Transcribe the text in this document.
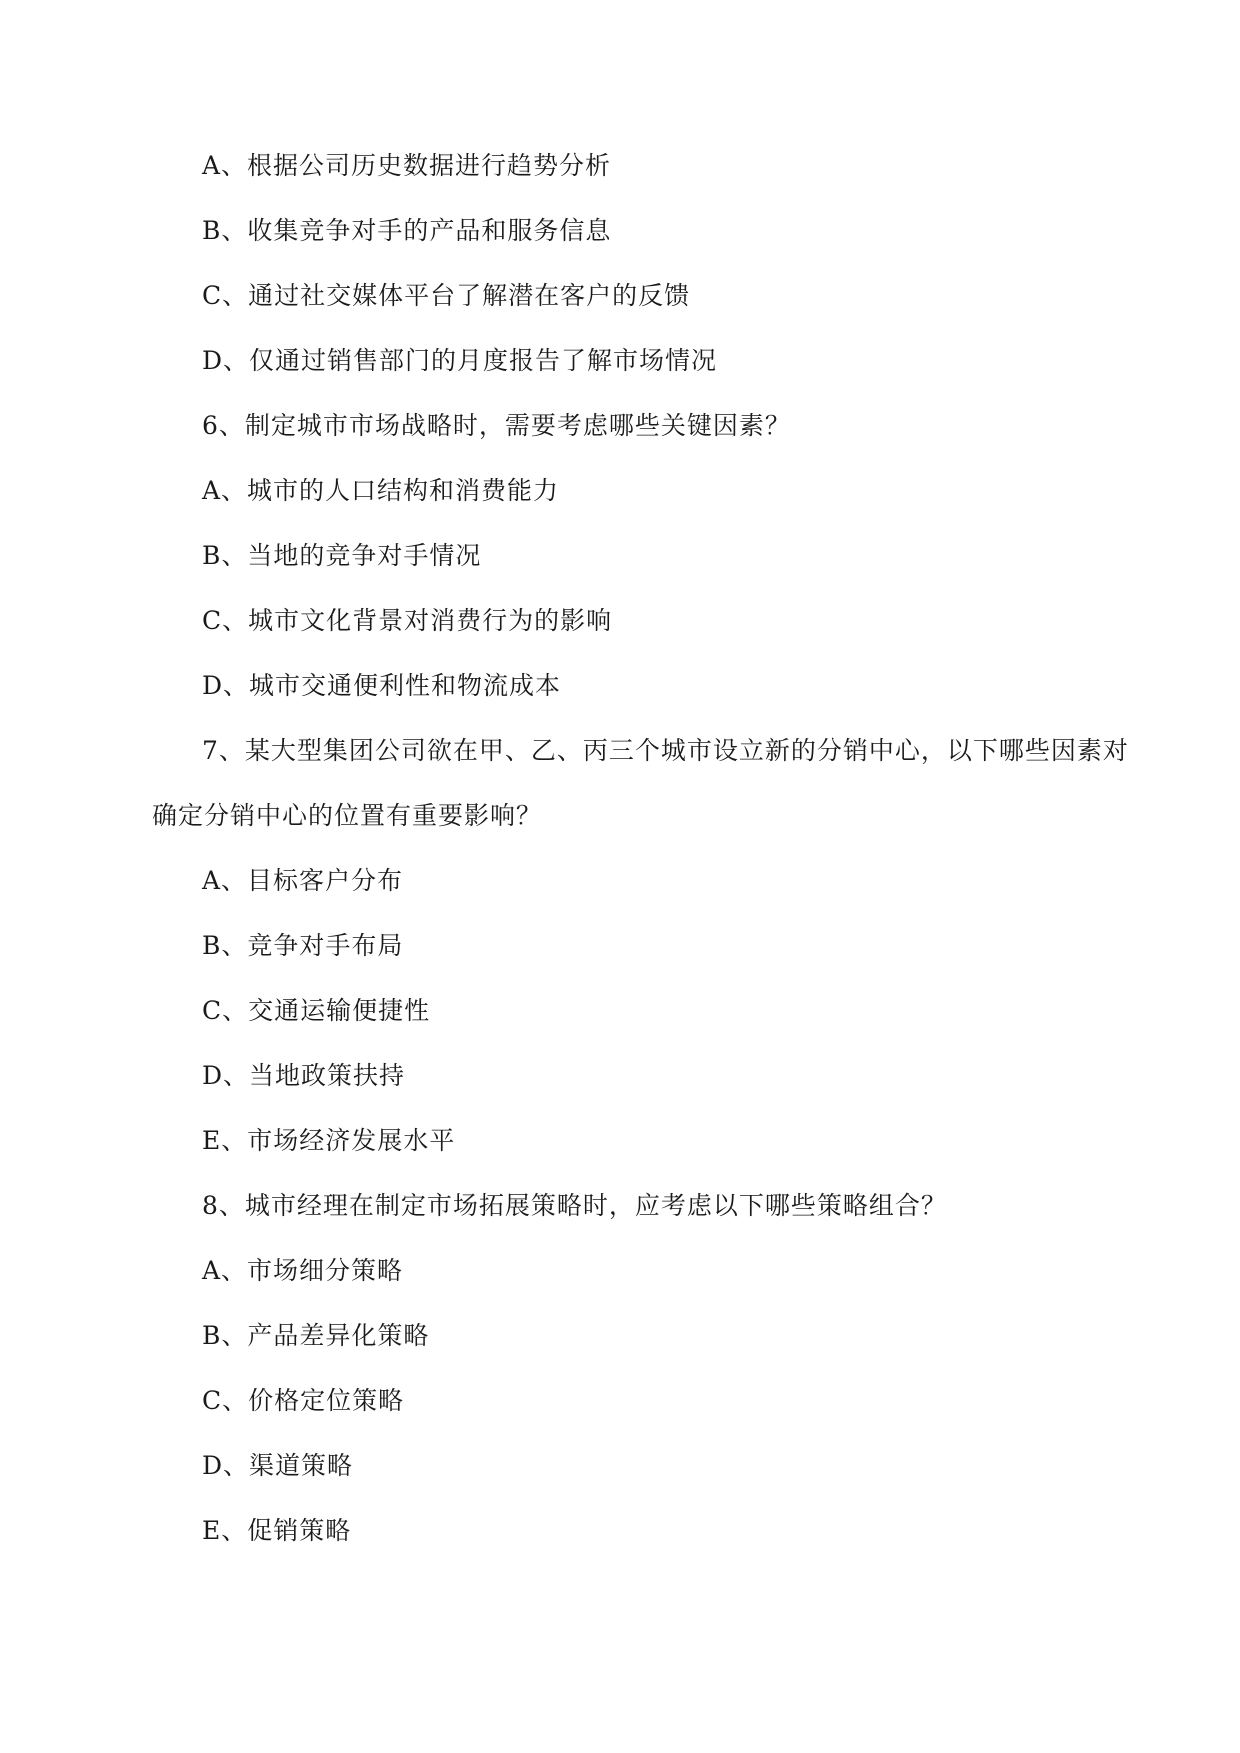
A、根据公司历史数据进行趋势分析
B、收集竞争对手的产品和服务信息
C、通过社交媒体平台了解潜在客户的反馈
D、仅通过销售部门的月度报告了解市场情况
6、制定城市市场战略时，需要考虑哪些关键因素？
A、城市的人口结构和消费能力
B、当地的竞争对手情况
C、城市文化背景对消费行为的影响
D、城市交通便利性和物流成本
7、某大型集团公司欲在甲、乙、丙三个城市设立新的分销中心，以下哪些因素对
确定分销中心的位置有重要影响？
A、目标客户分布
B、竞争对手布局
C、交通运输便捷性
D、当地政策扶持
E、市场经济发展水平
8、城市经理在制定市场拓展策略时，应考虑以下哪些策略组合？
A、市场细分策略
B、产品差异化策略
C、价格定位策略
D、渠道策略
E、促销策略
